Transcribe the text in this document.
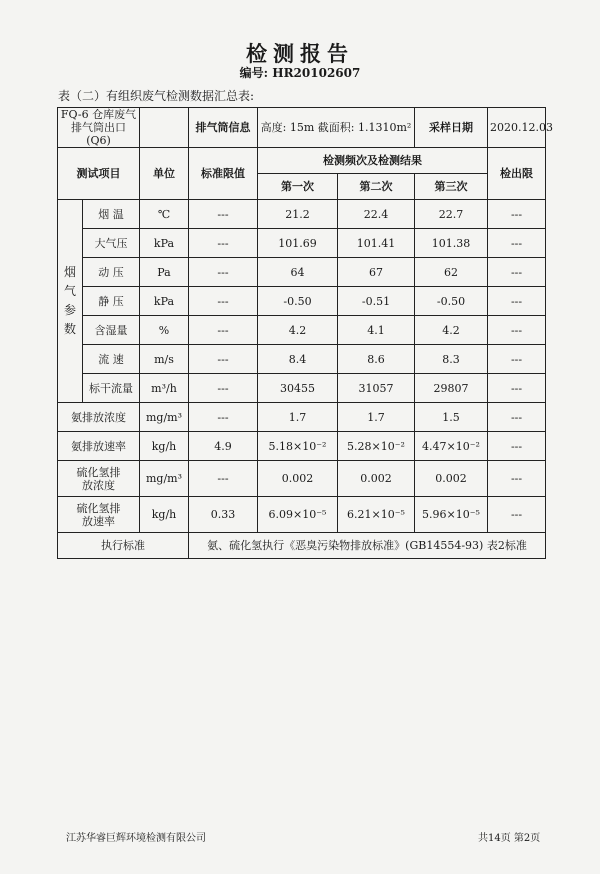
检测报告
编号: HR20102607
表（二）有组织废气检测数据汇总表:
FQ-6 仓库废气排气筒出口(Q6)			排气筒信息	高度: 15m 截面积: 1.1310m²		采样日期	2020.12.03
测试项目		单位	标准限值	检测频次及检测结果			检出限
				第一次	第二次	第三次	
烟
气
参
数	烟 温	℃	---	21.2	22.4	22.7	---
	大气压	kPa	---	101.69	101.41	101.38	---
	动 压	Pa	---	64	67	62	---
	静 压	kPa	---	-0.50	-0.51	-0.50	---
	含湿量	%	---	4.2	4.1	4.2	---
	流 速	m/s	---	8.4	8.6	8.3	---
	标干流量	m³/h	---	30455	31057	29807	---
氨排放浓度		mg/m³	---	1.7	1.7	1.5	---
氨排放速率		kg/h	4.9	5.18×10⁻²	5.28×10⁻²	4.47×10⁻²	---
硫化氢排放浓度		mg/m³	---	0.002	0.002	0.002	---
硫化氢排放速率		kg/h	0.33	6.09×10⁻⁵	6.21×10⁻⁵	5.96×10⁻⁵	---
执行标准			氨、硫化氢执行《恶臭污染物排放标准》(GB14554-93) 表2标准				
江苏华睿巨辉环境检测有限公司	共14页 第2页
